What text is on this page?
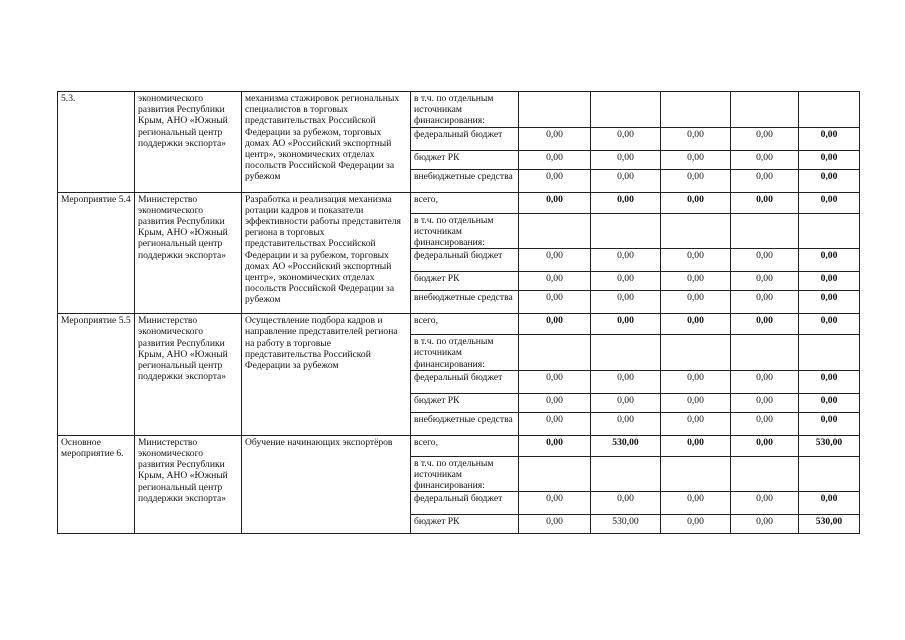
5.3.	экономического развития Республики Крым, АНО «Южный региональный центр поддержки экспорта»	механизма стажировок региональных специалистов в торговых представительствах Российской Федерации за рубежом, торговых домах АО «Российский экспортный центр», экономических отделах посольств Российской Федерации за рубежом	в т.ч. по отдельным источникам финансирования:					
			федеральный бюджет	0,00	0,00	0,00	0,00	0,00
			бюджет РК	0,00	0,00	0,00	0,00	0,00
			внебюджетные средства	0,00	0,00	0,00	0,00	0,00

Мероприятие 5.4	Министерство экономического развития Республики Крым, АНО «Южный региональный центр поддержки экспорта»	Разработка и реализация механизма ротации кадров и показатели эффективности работы представителя региона в торговых представительствах Российской Федерации и за рубежом, торговых домах АО «Российский экспортный центр», экономических отделах посольств Российской Федерации за рубежом	всего,	0,00	0,00	0,00	0,00	0,00
			в т.ч. по отдельным источникам финансирования:					
			федеральный бюджет	0,00	0,00	0,00	0,00	0,00
			бюджет РК	0,00	0,00	0,00	0,00	0,00
			внебюджетные средства	0,00	0,00	0,00	0,00	0,00

Мероприятие 5.5	Министерство экономического развития Республики Крым, АНО «Южный региональный центр поддержки экспорта»	Осуществление подбора кадров и направление представителей региона на работу в торговые представительства Российской Федерации за рубежом	всего,	0,00	0,00	0,00	0,00	0,00
			в т.ч. по отдельным источникам финансирования:					
			федеральный бюджет	0,00	0,00	0,00	0,00	0,00
			бюджет РК	0,00	0,00	0,00	0,00	0,00
			внебюджетные средства	0,00	0,00	0,00	0,00	0,00

Основное мероприятие 6.	Министерство экономического развития Республики Крым, АНО «Южный региональный центр поддержки экспорта»	Обучение начинающих экспортёров	всего,	0,00	530,00	0,00	0,00	530,00
			в т.ч. по отдельным источникам финансирования:					
			федеральный бюджет	0,00	0,00	0,00	0,00	0,00
			бюджет РК	0,00	530,00	0,00	0,00	530,00
